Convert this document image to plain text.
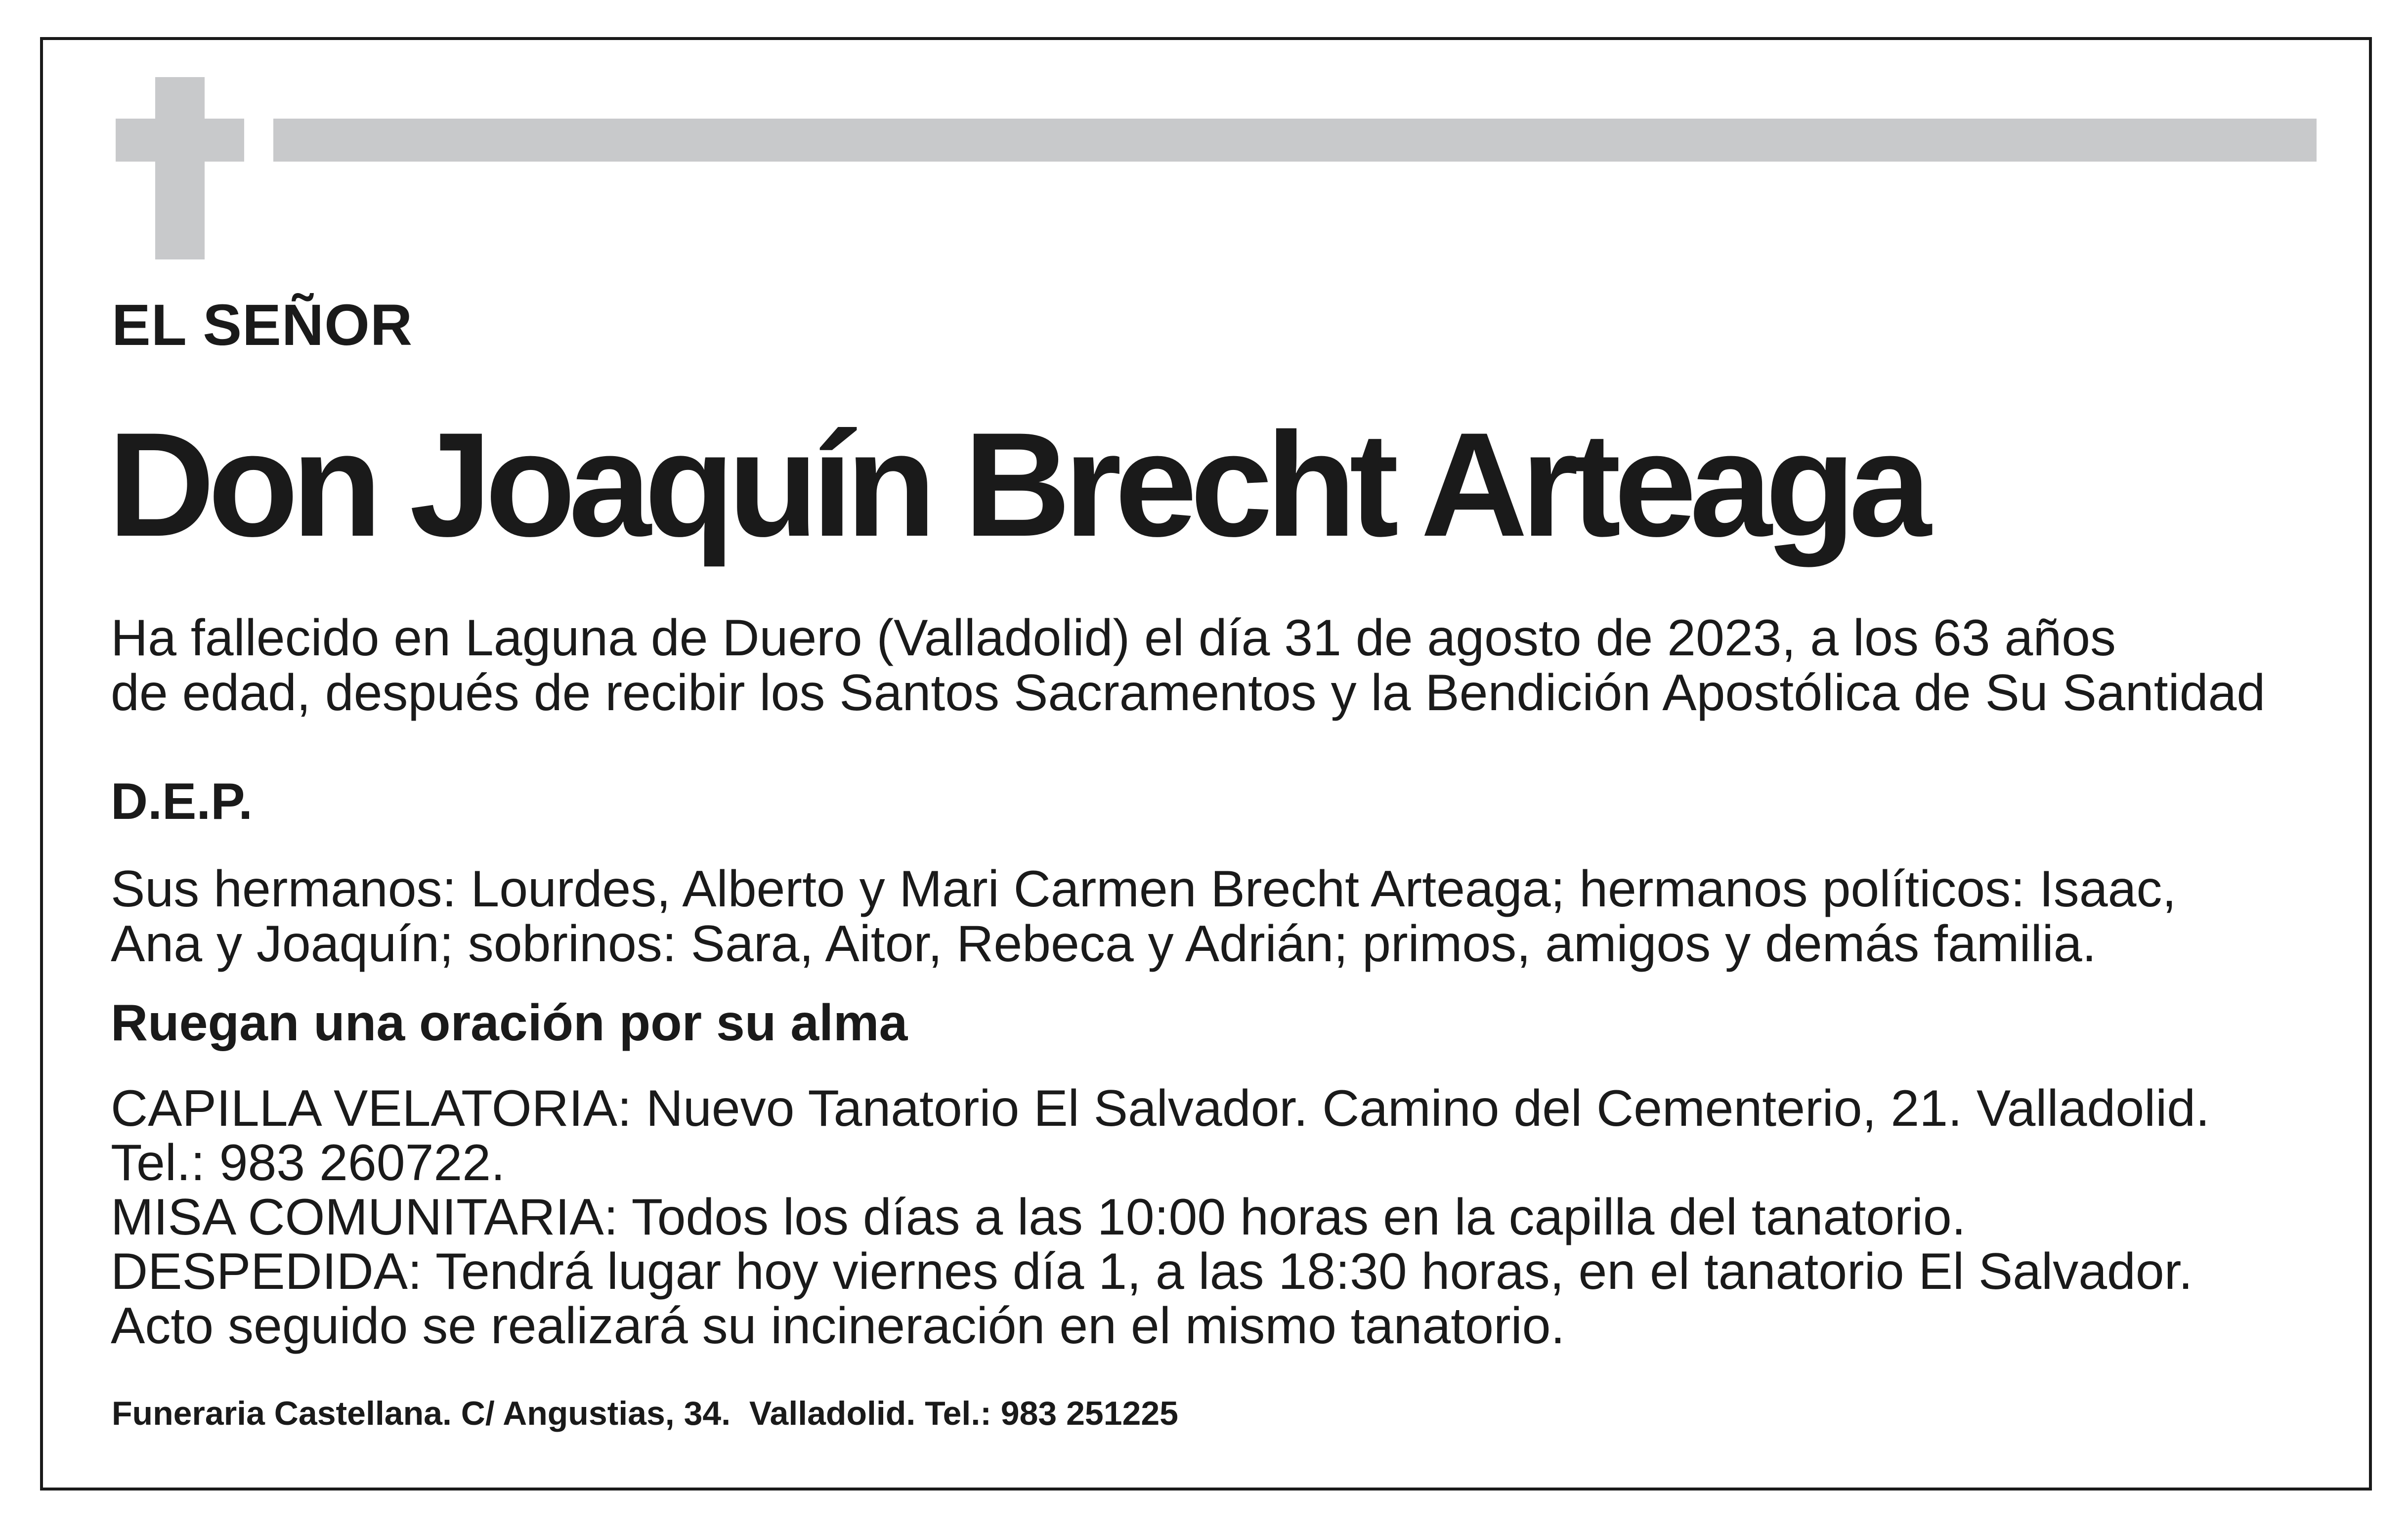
EL SEÑOR
Don Joaquín Brecht Arteaga
Ha fallecido en Laguna de Duero (Valladolid) el día 31 de agosto de 2023, a los 63 años
de edad, después de recibir los Santos Sacramentos y la Bendición Apostólica de Su Santidad
D.E.P.
Sus hermanos: Lourdes, Alberto y Mari Carmen Brecht Arteaga; hermanos políticos: Isaac,
Ana y Joaquín; sobrinos: Sara, Aitor, Rebeca y Adrián; primos, amigos y demás familia.
Ruegan una oración por su alma
CAPILLA VELATORIA: Nuevo Tanatorio El Salvador. Camino del Cementerio, 21. Valladolid.
Tel.: 983 260722.
MISA COMUNITARIA: Todos los días a las 10:00 horas en la capilla del tanatorio.
DESPEDIDA: Tendrá lugar hoy viernes día 1, a las 18:30 horas, en el tanatorio El Salvador.
Acto seguido se realizará su incineración en el mismo tanatorio.
Funeraria Castellana. C/ Angustias, 34.  Valladolid. Tel.: 983 251225
